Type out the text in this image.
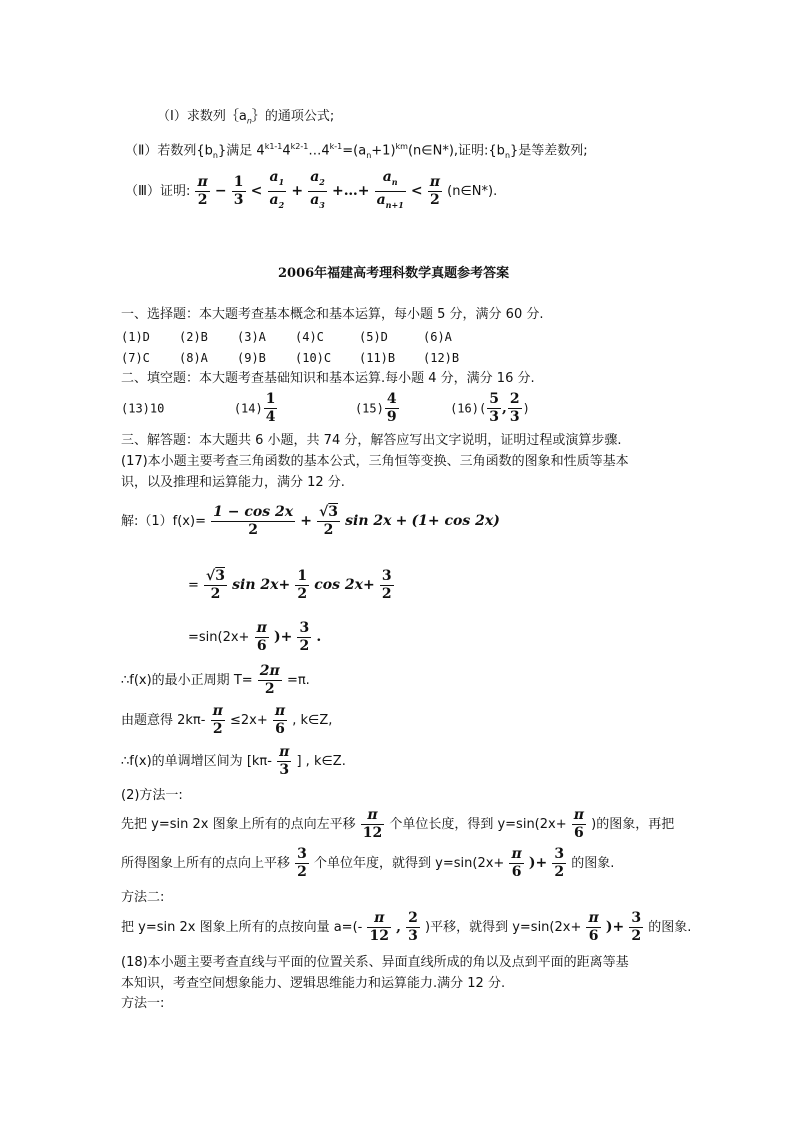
（Ⅰ）求数列$\{a_n\}$的通项公式;
（Ⅱ）若数列$\{b_n\}$满足 $4^{k1-1}4^{k2-1}\dots 4^{k-1}=(a_n+1)^{km}(n\in N*)$,证明$:\{b_n\}$是等差数列;
（Ⅲ）证明: $\frac{\pi}{2} - \frac{1}{3} < \frac{a_1}{a_2} + \frac{a_2}{a_3}$ +…+ $\frac{a_n}{a_{n+1}} < \frac{\pi}{2}$ (n∈N*).
2006年福建高考理科数学真题参考答案
一、选择题：本大题考查基本概念和基本运算，每小题 5 分，满分 60 分.
(1)D (2)B (3)A (4)C	(5)D	(6)A
(7)C (8)A (9)B (10)C (11)B (12)B
二、填空题：本大题考查基础知识和基本运算.每小题 4 分，满分 16 分.
(13)10	$(14) \frac{1}{4}$	$(15) \frac{4}{9}$	$(16)( \frac{5}{3}$ , $\frac{2}{3}$ )
三、解答题：本大题共 6 小题，共 74 分，解答应写出文字说明，证明过程或演算步骤.
(17)本小题主要考查三角函数的基本公式，三角恒等变换、三角函数的图象和性质等基本
识，以及推理和运算能力，满分 12 分.
解:（1）f(x)= $\frac{1 - \cos 2x}{2} + \frac{√3}{2}$ sin 2x + (1+ cos 2x)
= $\frac{√3}{2}$ $\sin 2x+ \frac{1}{2}$ $\cos 2x+ \frac{3}{2}$
$=\sin(2x+ \frac{\pi}{6}$ )+ $\frac{3}{2}$ .
∴f(x)的最小正周期 $T= \frac{2\pi}{2} =\pi$.
由题意得 $2k\pi- \frac{\pi}{2} \le 2x+ \frac{\pi}{6}$ , k∈Z,
∴f(x)的单调增区间为 [$k\pi- \frac{\pi}{3}$ ] , k∈Z.
(2)方法一:
先把 y=sin 2x 图象上所有的点向左平移 $\frac{\pi}{12}$ 个单位长度，得到 $y=\sin(2x+ \frac{\pi}{6}$ )的图象，再把
所得图象上所有的点向上平移 $\frac{3}{2}$ 个单位年度，就得到 $y=\sin(2x+ \frac{\pi}{6}$ )+ $\frac{3}{2}$ 的图象.
方法二:
把 y=sin 2x 图象上所有的点按向量 $a=(- \frac{\pi}{12}$ , $\frac{2}{3}$ )平移，就得到 $y=\sin(2x+ \frac{\pi}{6}$ )+ $\frac{3}{2}$ 的图象.
(18)本小题主要考查直线与平面的位置关系、异面直线所成的角以及点到平面的距离等基
本知识，考查空间想象能力、逻辑思维能力和运算能力.满分 12 分.
方法一:
